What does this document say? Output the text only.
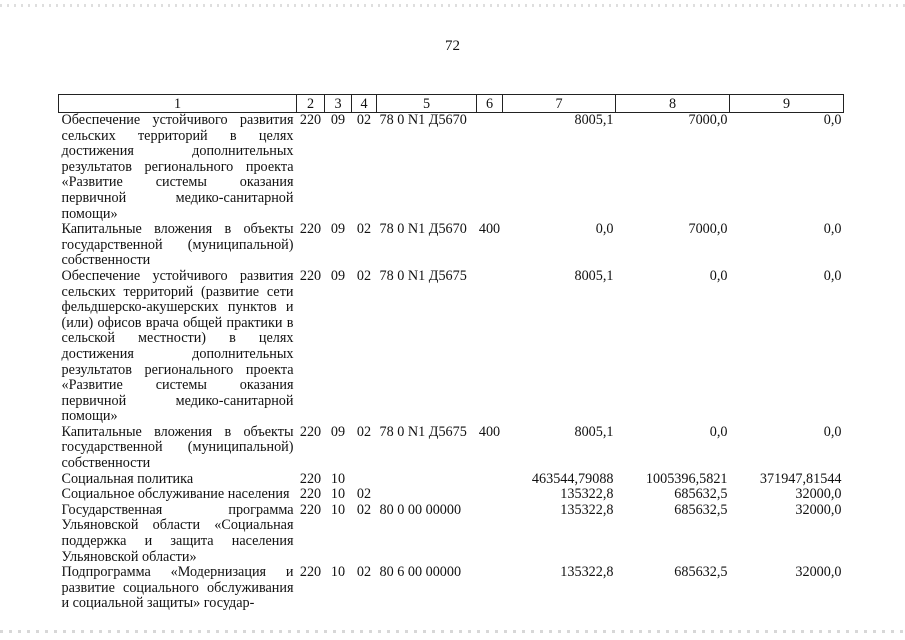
72
1	2	3	4	5	6	7	8	9
Обеспечение устойчивого развития сельских территорий в целях достижения дополнительных результатов регионального проекта «Развитие системы оказания первичной медико-санитарной помощи»	220	09	02	78 0 N1 Д5670		8005,1	7000,0	0,0
Капитальные вложения в объекты государственной (муниципальной) собственности	220	09	02	78 0 N1 Д5670	400	0,0	7000,0	0,0
Обеспечение устойчивого развития сельских территорий (развитие сети фельдшерско-акушерских пунктов и (или) офисов врача общей практики в сельской местности) в целях достижения дополнительных результатов регионального проекта «Развитие системы оказания первичной медико-санитарной помощи»	220	09	02	78 0 N1 Д5675		8005,1	0,0	0,0
Капитальные вложения в объекты государственной (муниципальной) собственности	220	09	02	78 0 N1 Д5675	400	8005,1	0,0	0,0
Социальная политика	220	10				463544,79088	1005396,5821	371947,81544
Социальное обслуживание населения	220	10	02			135322,8	685632,5	32000,0
Государственная программа Ульяновской области «Социальная поддержка и защита населения Ульяновской области»	220	10	02	80 0 00 00000		135322,8	685632,5	32000,0
Подпрограмма «Модернизация и развитие социального обслуживания и социальной защиты» государ-	220	10	02	80 6 00 00000		135322,8	685632,5	32000,0
